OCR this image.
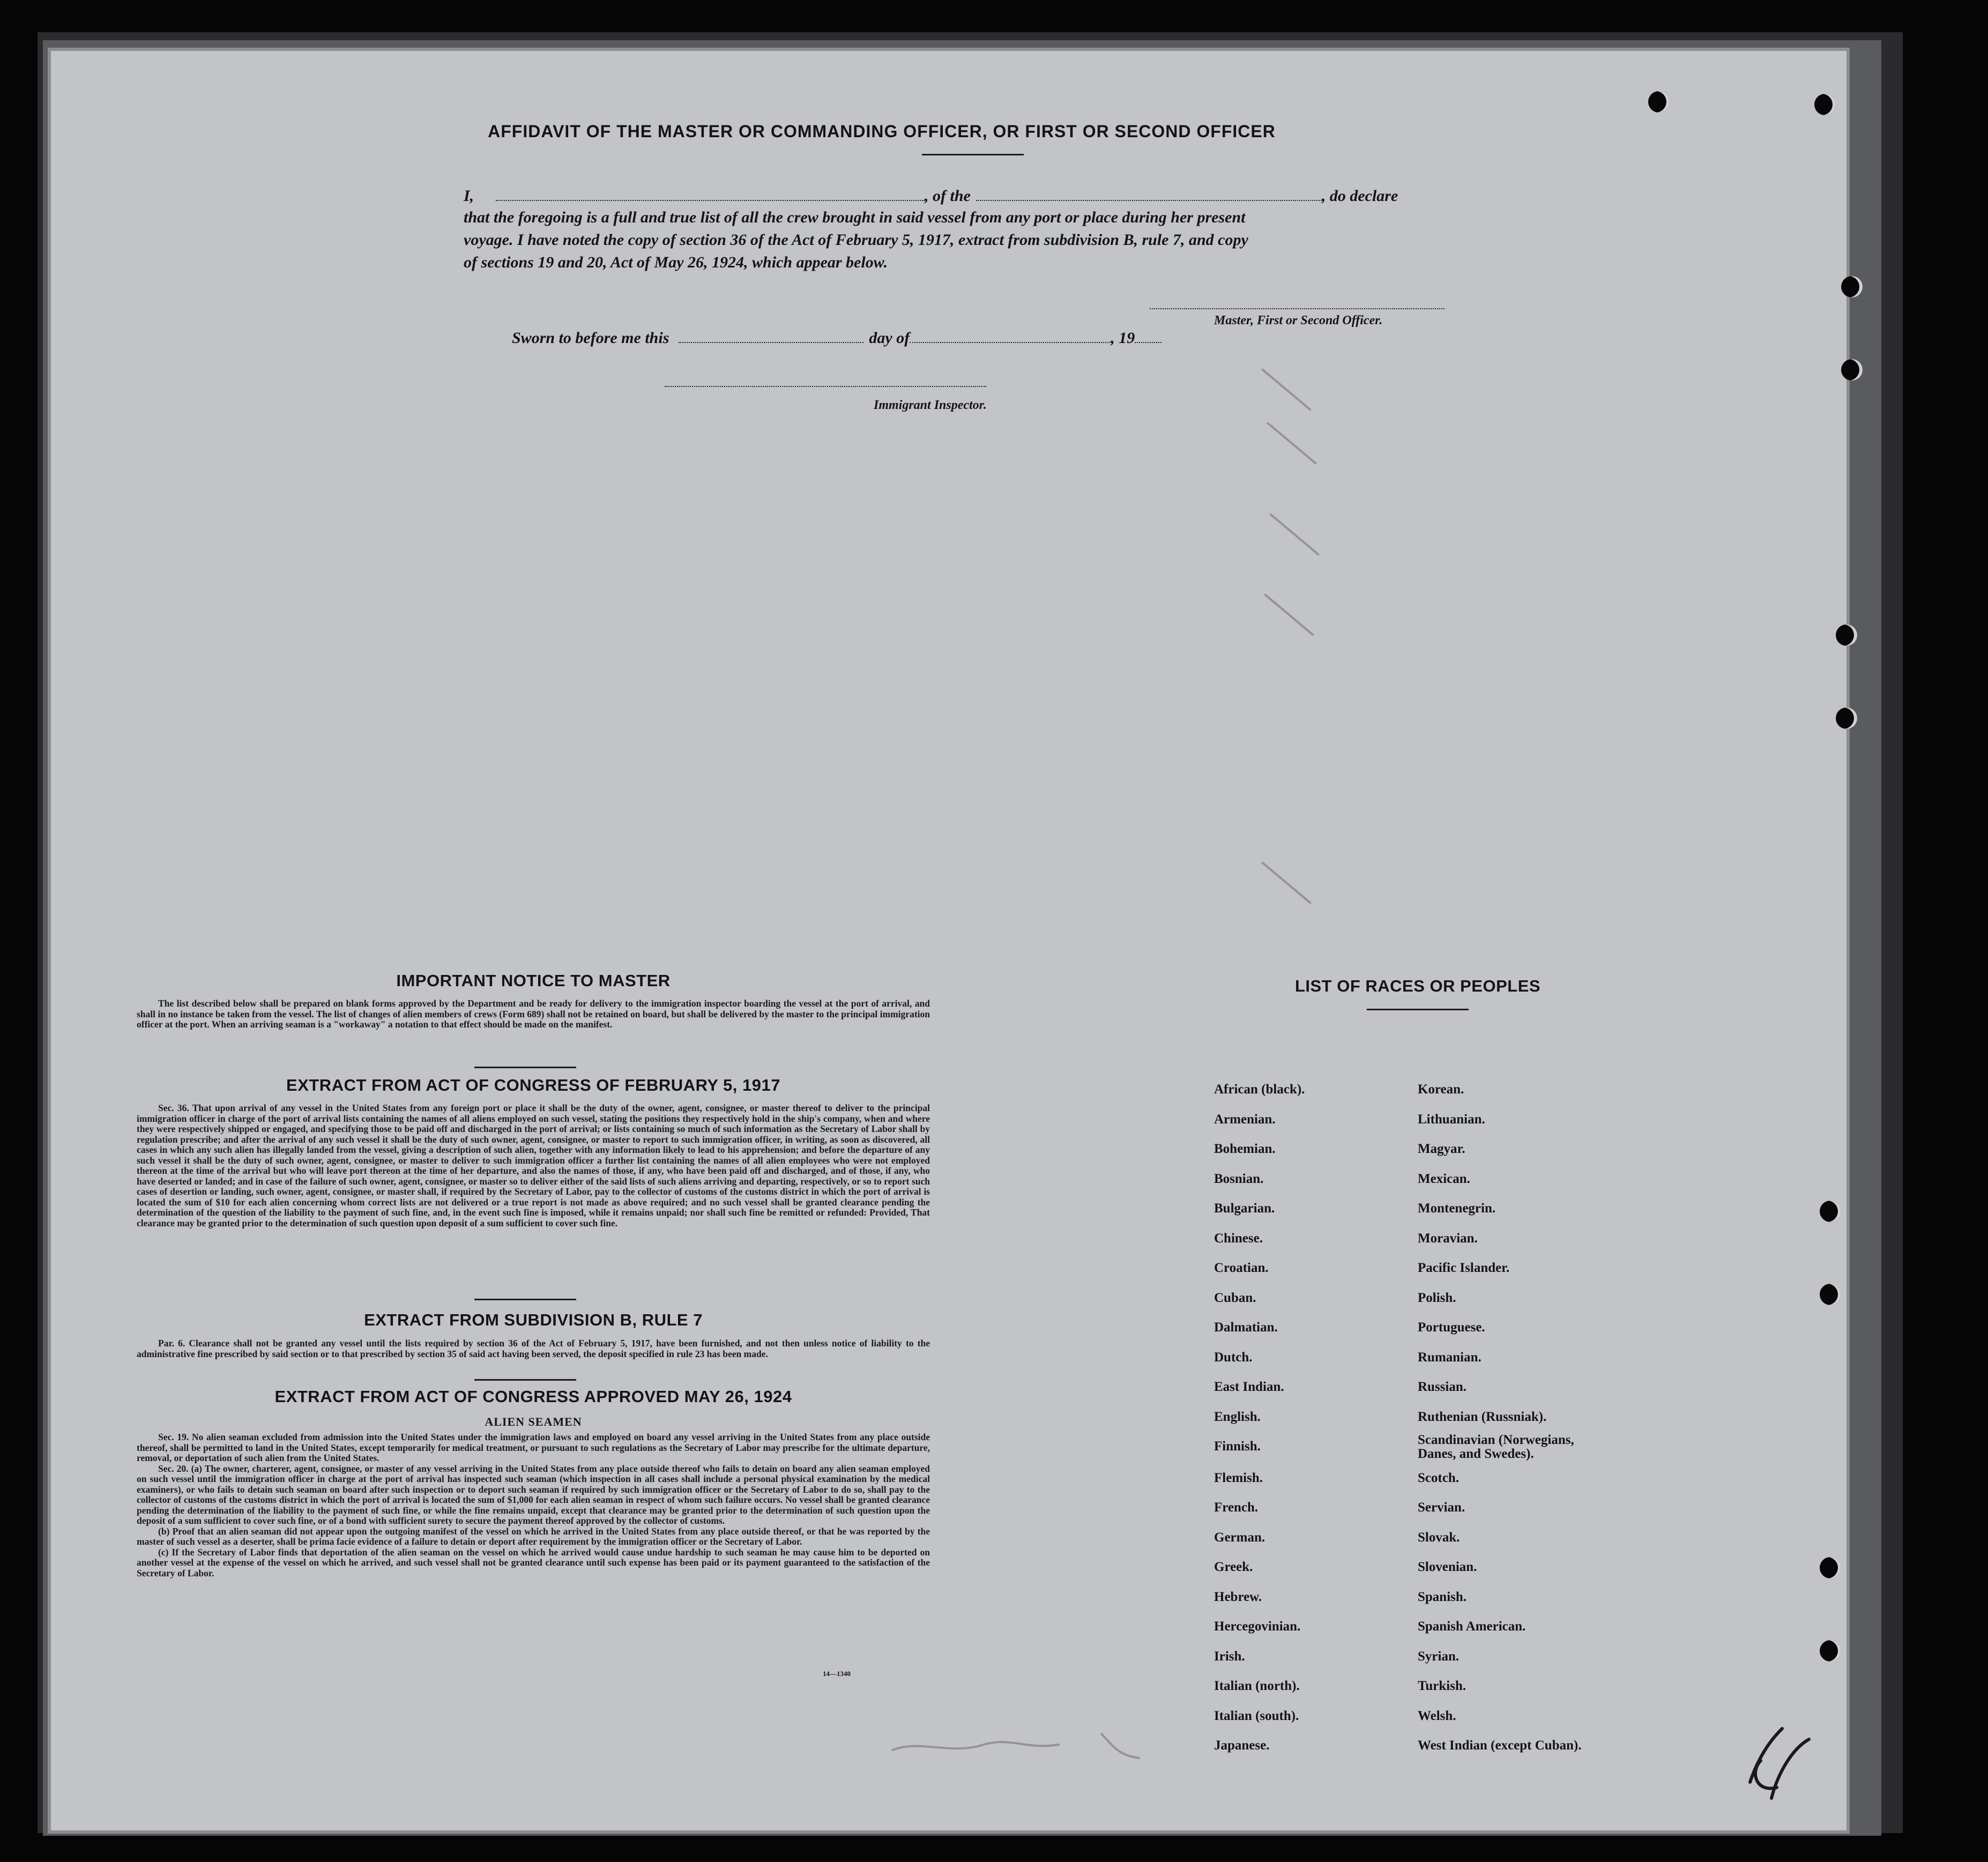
AFFIDAVIT OF THE MASTER OR COMMANDING OFFICER, OR FIRST OR SECOND OFFICER
I,	, of the	, do declare
that the foregoing is a full and true list of all the crew brought in said vessel from any port or place during her present
voyage. I have noted the copy of section 36 of the Act of February 5, 1917, extract from subdivision B, rule 7, and copy
of sections 19 and 20, Act of May 26, 1924, which appear below.
Master, First or Second Officer.
Sworn to before me this	day of	, 19
Immigrant Inspector.
IMPORTANT NOTICE TO MASTER
The list described below shall be prepared on blank forms approved by the Department and be ready for delivery to the immigration inspector boarding the vessel at the port of arrival, and shall in no instance be taken from the vessel. The list of changes of alien members of crews (Form 689) shall not be retained on board, but shall be delivered by the master to the principal immigration officer at the port. When an arriving seaman is a "workaway" a notation to that effect should be made on the manifest.
EXTRACT FROM ACT OF CONGRESS OF FEBRUARY 5, 1917
Sec. 36. That upon arrival of any vessel in the United States from any foreign port or place it shall be the duty of the owner, agent, consignee, or master thereof to deliver to the principal immigration officer in charge of the port of arrival lists containing the names of all aliens employed on such vessel, stating the positions they respectively hold in the ship's company, when and where they were respectively shipped or engaged, and specifying those to be paid off and discharged in the port of arrival; or lists containing so much of such information as the Secretary of Labor shall by regulation prescribe; and after the arrival of any such vessel it shall be the duty of such owner, agent, consignee, or master to report to such immigration officer, in writing, as soon as discovered, all cases in which any such alien has illegally landed from the vessel, giving a description of such alien, together with any information likely to lead to his apprehension; and before the departure of any such vessel it shall be the duty of such owner, agent, consignee, or master to deliver to such immigration officer a further list containing the names of all alien employees who were not employed thereon at the time of the arrival but who will leave port thereon at the time of her departure, and also the names of those, if any, who have been paid off and discharged, and of those, if any, who have deserted or landed; and in case of the failure of such owner, agent, consignee, or master so to deliver either of the said lists of such aliens arriving and departing, respectively, or so to report such cases of desertion or landing, such owner, agent, consignee, or master shall, if required by the Secretary of Labor, pay to the collector of customs of the customs district in which the port of arrival is located the sum of $10 for each alien concerning whom correct lists are not delivered or a true report is not made as above required; and no such vessel shall be granted clearance pending the determination of the question of the liability to the payment of such fine, and, in the event such fine is imposed, while it remains unpaid; nor shall such fine be remitted or refunded: Provided, That clearance may be granted prior to the determination of such question upon deposit of a sum sufficient to cover such fine.
EXTRACT FROM SUBDIVISION B, RULE 7
Par. 6. Clearance shall not be granted any vessel until the lists required by section 36 of the Act of February 5, 1917, have been furnished, and not then unless notice of liability to the administrative fine prescribed by said section or to that prescribed by section 35 of said act having been served, the deposit specified in rule 23 has been made.
EXTRACT FROM ACT OF CONGRESS APPROVED MAY 26, 1924
ALIEN SEAMEN
Sec. 19. No alien seaman excluded from admission into the United States under the immigration laws and employed on board any vessel arriving in the United States from any place outside thereof, shall be permitted to land in the United States, except temporarily for medical treatment, or pursuant to such regulations as the Secretary of Labor may prescribe for the ultimate departure, removal, or deportation of such alien from the United States.
Sec. 20. (a) The owner, charterer, agent, consignee, or master of any vessel arriving in the United States from any place outside thereof who fails to detain on board any alien seaman employed on such vessel until the immigration officer in charge at the port of arrival has inspected such seaman (which inspection in all cases shall include a personal physical examination by the medical examiners), or who fails to detain such seaman on board after such inspection or to deport such seaman if required by such immigration officer or the Secretary of Labor to do so, shall pay to the collector of customs of the customs district in which the port of arrival is located the sum of $1,000 for each alien seaman in respect of whom such failure occurs. No vessel shall be granted clearance pending the determination of the liability to the payment of such fine, or while the fine remains unpaid, except that clearance may be granted prior to the determination of such question upon the deposit of a sum sufficient to cover such fine, or of a bond with sufficient surety to secure the payment thereof approved by the collector of customs.
(b) Proof that an alien seaman did not appear upon the outgoing manifest of the vessel on which he arrived in the United States from any place outside thereof, or that he was reported by the master of such vessel as a deserter, shall be prima facie evidence of a failure to detain or deport after requirement by the immigration officer or the Secretary of Labor.
(c) If the Secretary of Labor finds that deportation of the alien seaman on the vessel on which he arrived would cause undue hardship to such seaman he may cause him to be deported on another vessel at the expense of the vessel on which he arrived, and such vessel shall not be granted clearance until such expense has been paid or its payment guaranteed to the satisfaction of the Secretary of Labor.
14—1340
LIST OF RACES OR PEOPLES
African (black).	Korean.
Armenian.	Lithuanian.
Bohemian.	Magyar.
Bosnian.	Mexican.
Bulgarian.	Montenegrin.
Chinese.	Moravian.
Croatian.	Pacific Islander.
Cuban.	Polish.
Dalmatian.	Portuguese.
Dutch.	Rumanian.
East Indian.	Russian.
English.	Ruthenian (Russniak).
Finnish.	Scandinavian (Norwegians, Danes, and Swedes).
Flemish.	Scotch.
French.	Servian.
German.	Slovak.
Greek.	Slovenian.
Hebrew.	Spanish.
Hercegovinian.	Spanish American.
Irish.	Syrian.
Italian (north).	Turkish.
Italian (south).	Welsh.
Japanese.	West Indian (except Cuban).
